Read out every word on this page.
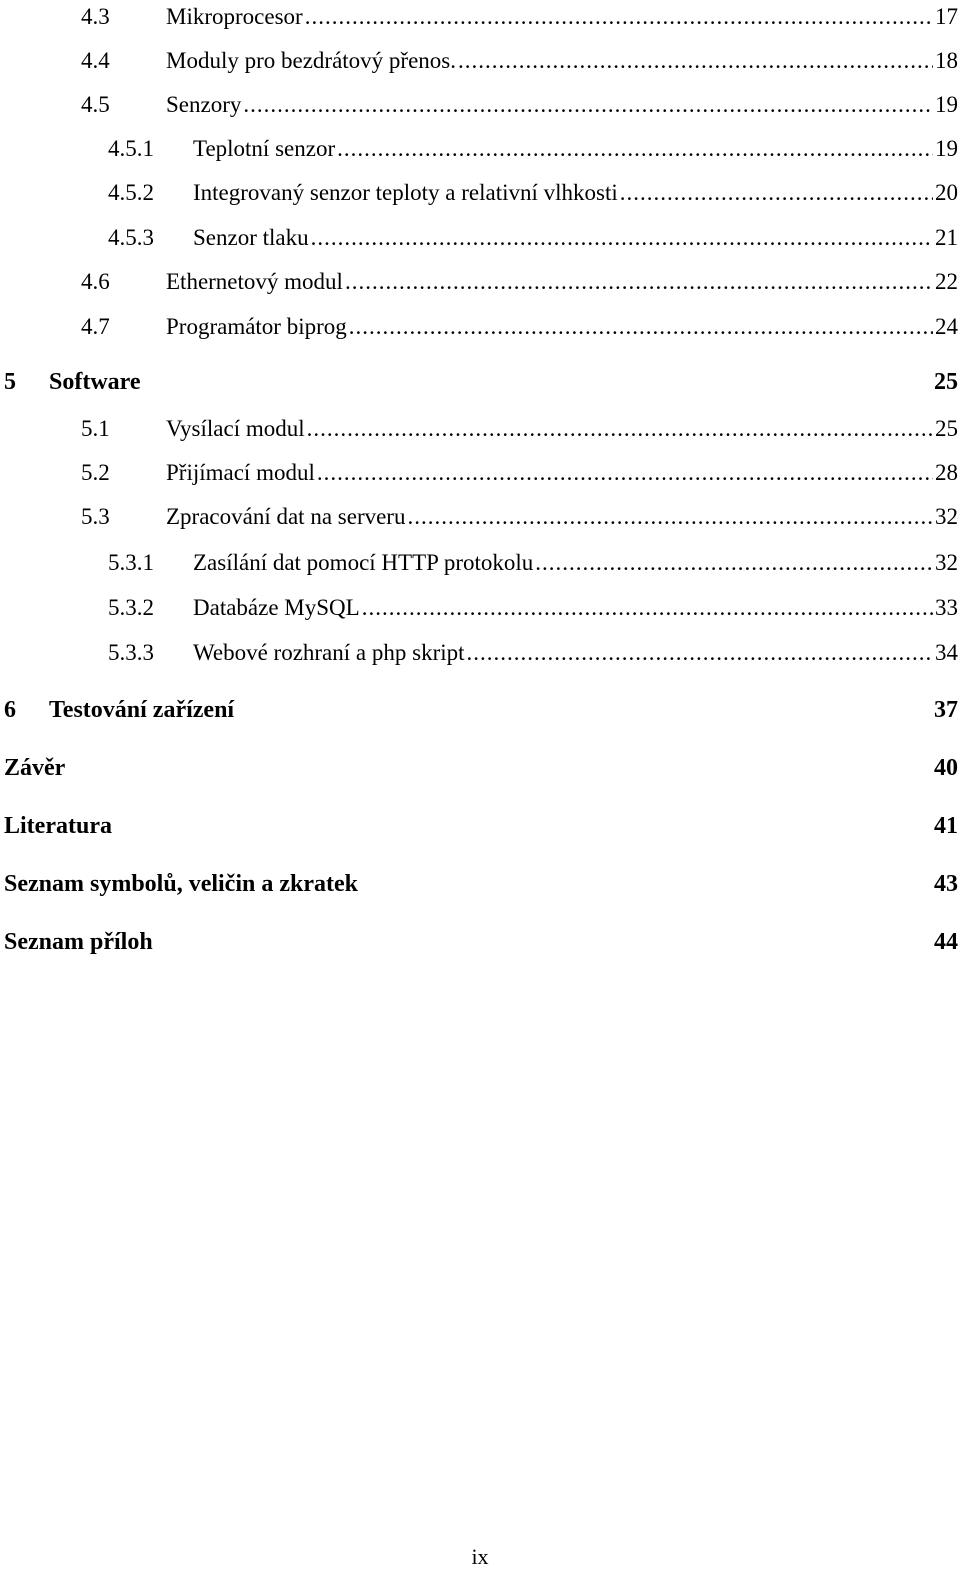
4.3	Mikroprocesor .....	17
4.4	Moduly pro bezdrátový přenos. .....	18
4.5	Senzory .....	19
4.5.1	Teplotní senzor .....	19
4.5.2	Integrovaný senzor teploty a relativní vlhkosti .....	20
4.5.3	Senzor tlaku .....	21
4.6	Ethernetový modul .....	22
4.7	Programátor biprog .....	24
5	Software	25
5.1	Vysílací modul .....	25
5.2	Přijímací modul .....	28
5.3	Zpracování dat na serveru .....	32
5.3.1	Zasílání dat pomocí HTTP protokolu .....	32
5.3.2	Databáze MySQL .....	33
5.3.3	Webové rozhraní a php skript .....	34
6	Testování zařízení	37
Závěr	40
Literatura	41
Seznam symbolů, veličin a zkratek	43
Seznam příloh	44
ix
